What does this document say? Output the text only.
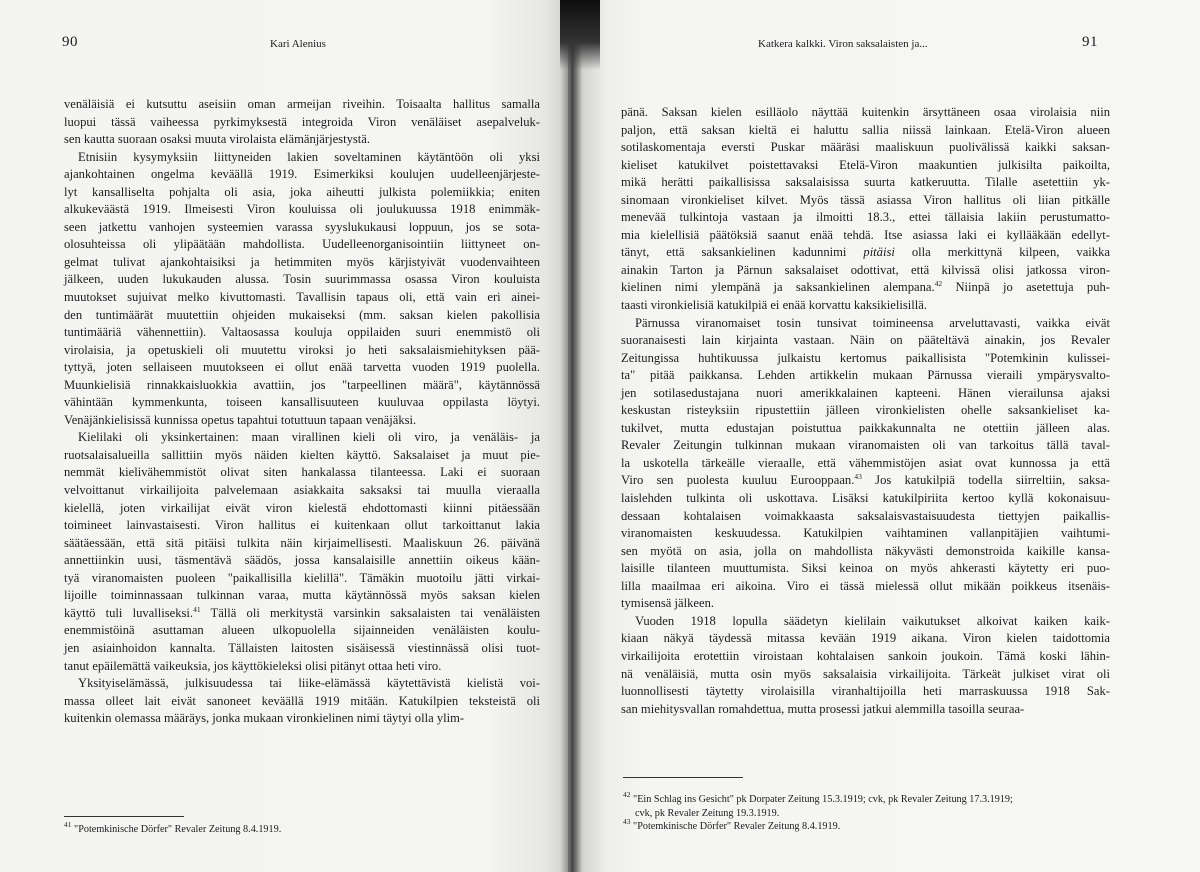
90	Kari Alenius
venäläisiä ei kutsuttu aseisiin oman armeijan riveihin. Toisaalta hallitus samalla
luopui tässä vaiheessa pyrkimyksestä integroida Viron venäläiset asepalveluk-
sen kautta suoraan osaksi muuta virolaista elämänjärjestystä.
Etnisiin kysymyksiin liittyneiden lakien soveltaminen käytäntöön oli yksi
ajankohtainen ongelma keväällä 1919. Esimerkiksi koulujen uudelleenjärjeste-
lyt kansalliselta pohjalta oli asia, joka aiheutti julkista polemiikkia; eniten
alkukeväästä 1919. Ilmeisesti Viron kouluissa oli joulukuussa 1918 enimmäk-
seen jatkettu vanhojen systeemien varassa syyslukukausi loppuun, jos se sota-
olosuhteissa oli ylipäätään mahdollista. Uudelleenorganisointiin liittyneet on-
gelmat tulivat ajankohtaisiksi ja hetimmiten myös kärjistyivät vuodenvaihteen
jälkeen, uuden lukukauden alussa. Tosin suurimmassa osassa Viron kouluista
muutokset sujuivat melko kivuttomasti. Tavallisin tapaus oli, että vain eri ainei-
den tuntimäärät muutettiin ohjeiden mukaiseksi (mm. saksan kielen pakollisia
tuntimääriä vähennettiin). Valtaosassa kouluja oppilaiden suuri enemmistö oli
virolaisia, ja opetuskieli oli muutettu viroksi jo heti saksalaismiehityksen pää-
tyttyä, joten sellaiseen muutokseen ei ollut enää tarvetta vuoden 1919 puolella.
Muunkielisiä rinnakkaisluokkia avattiin, jos "tarpeellinen määrä", käytännössä
vähintään kymmenkunta, toiseen kansallisuuteen kuuluvaa oppilasta löytyi.
Venäjänkielisissä kunnissa opetus tapahtui totuttuun tapaan venäjäksi.
Kielilaki oli yksinkertainen: maan virallinen kieli oli viro, ja venäläis- ja
ruotsalaisalueilla sallittiin myös näiden kielten käyttö. Saksalaiset ja muut pie-
nemmät kielivähemmistöt olivat siten hankalassa tilanteessa. Laki ei suoraan
velvoittanut virkailijoita palvelemaan asiakkaita saksaksi tai muulla vieraalla
kielellä, joten virkailijat eivät viron kielestä ehdottomasti kiinni pitäessään
toimineet lainvastaisesti. Viron hallitus ei kuitenkaan ollut tarkoittanut lakia
säätäessään, että sitä pitäisi tulkita näin kirjaimellisesti. Maaliskuun 26. päivänä
annettiinkin uusi, täsmentävä säädös, jossa kansalaisille annettiin oikeus kään-
tyä viranomaisten puoleen "paikallisilla kielillä". Tämäkin muotoilu jätti virkai-
lijoille toiminnassaan tulkinnan varaa, mutta käytännössä myös saksan kielen
käyttö tuli luvalliseksi.$^{41}$ Tällä oli merkitystä varsinkin saksalaisten tai venäläisten
enemmistöinä asuttaman alueen ulkopuolella sijainneiden venäläisten koulu-
jen asiainhoidon kannalta. Tällaisten laitosten sisäisessä viestinnässä olisi tuot-
tanut epäilemättä vaikeuksia, jos käyttökieleksi olisi pitänyt ottaa heti viro.
Yksityiselämässä, julkisuudessa tai liike-elämässä käytettävistä kielistä voi-
massa olleet lait eivät sanoneet keväällä 1919 mitään. Katukilpien teksteistä oli
kuitenkin olemassa määräys, jonka mukaan vironkielinen nimi täytyi olla ylim-
$^{41}$ "Potemkinische Dörfer" Revaler Zeitung 8.4.1919.
Katkera kalkki. Viron saksalaisten ja...	91
pänä. Saksan kielen esilläolo näyttää kuitenkin ärsyttäneen osaa virolaisia niin
paljon, että saksan kieltä ei haluttu sallia niissä lainkaan. Etelä-Viron alueen
sotilaskomentaja eversti Puskar määräsi maaliskuun puolivälissä kaikki saksan-
kieliset katukilvet poistettavaksi Etelä-Viron maakuntien julkisilta paikoilta,
mikä herätti paikallisissa saksalaisissa suurta katkeruutta. Tilalle asetettiin yk-
sinomaan vironkieliset kilvet. Myös tässä asiassa Viron hallitus oli liian pitkälle
menevää tulkintoja vastaan ja ilmoitti 18.3., ettei tällaisia lakiin perustumatto-
mia kielellisiä päätöksiä saanut enää tehdä. Itse asiassa laki ei kyllääkään edellyt-
tänyt, että saksankielinen kadunnimi pitäisi olla merkittynä kilpeen, vaikka
ainakin Tarton ja Pärnun saksalaiset odottivat, että kilvissä olisi jatkossa viron-
kielinen nimi ylempänä ja saksankielinen alempana.$^{42}$ Niinpä jo asetettuja puh-
taasti vironkielisiä katukilpiä ei enää korvattu kaksikielisillä.
Pärnussa viranomaiset tosin tunsivat toimineensa arveluttavasti, vaikka eivät
suoranaisesti lain kirjainta vastaan. Näin on pääteltävä ainakin, jos Revaler
Zeitungissa huhtikuussa julkaistu kertomus paikallisista "Potemkinin kulissei-
ta" pitää paikkansa. Lehden artikkelin mukaan Pärnussa vieraili ympärysvalto-
jen sotilasedustajana nuori amerikkalainen kapteeni. Hänen vierailunsa ajaksi
keskustan risteyksiin ripustettiin jälleen vironkielisten ohelle saksankieliset ka-
tukilvet, mutta edustajan poistuttua paikkakunnalta ne otettiin jälleen alas.
Revaler Zeitungin tulkinnan mukaan viranomaisten oli van tarkoitus tällä taval-
la uskotella tärkeälle vieraalle, että vähemmistöjen asiat ovat kunnossa ja että
Viro sen puolesta kuuluu Eurooppaan.$^{43}$ Jos katukilpiä todella siirreltiin, saksa-
laislehden tulkinta oli uskottava. Lisäksi katukilpiriita kertoo kyllä kokonaisuu-
dessaan kohtalaisen voimakkaasta saksalaisvastaisuudesta tiettyjen paikallis-
viranomaisten keskuudessa. Katukilpien vaihtaminen vallanpitäjien vaihtumi-
sen myötä on asia, jolla on mahdollista näkyvästi demonstroida kaikille kansa-
laisille tilanteen muuttumista. Siksi keinoa on myös ahkerasti käytetty eri puo-
lilla maailmaa eri aikoina. Viro ei tässä mielessä ollut mikään poikkeus itsenäis-
tymisensä jälkeen.
Vuoden 1918 lopulla säädetyn kielilain vaikutukset alkoivat kaiken kaik-
kiaan näkyä täydessä mitassa kevään 1919 aikana. Viron kielen taidottomia
virkailijoita erotettiin viroistaan kohtalaisen sankoin joukoin. Tämä koski lähin-
nä venäläisiä, mutta osin myös saksalaisia virkailijoita. Tärkeät julkiset virat oli
luonnollisesti täytetty virolaisilla viranhaltijoilla heti marraskuussa 1918 Sak-
san miehitysvallan romahdettua, mutta prosessi jatkui alemmilla tasoilla seuraa-
$^{42}$ "Ein Schlag ins Gesicht" pk Dorpater Zeitung 15.3.1919; cvk, pk Revaler Zeitung 17.3.1919;
cvk, pk Revaler Zeitung 19.3.1919.
$^{43}$ "Potemkinische Dörfer" Revaler Zeitung 8.4.1919.
